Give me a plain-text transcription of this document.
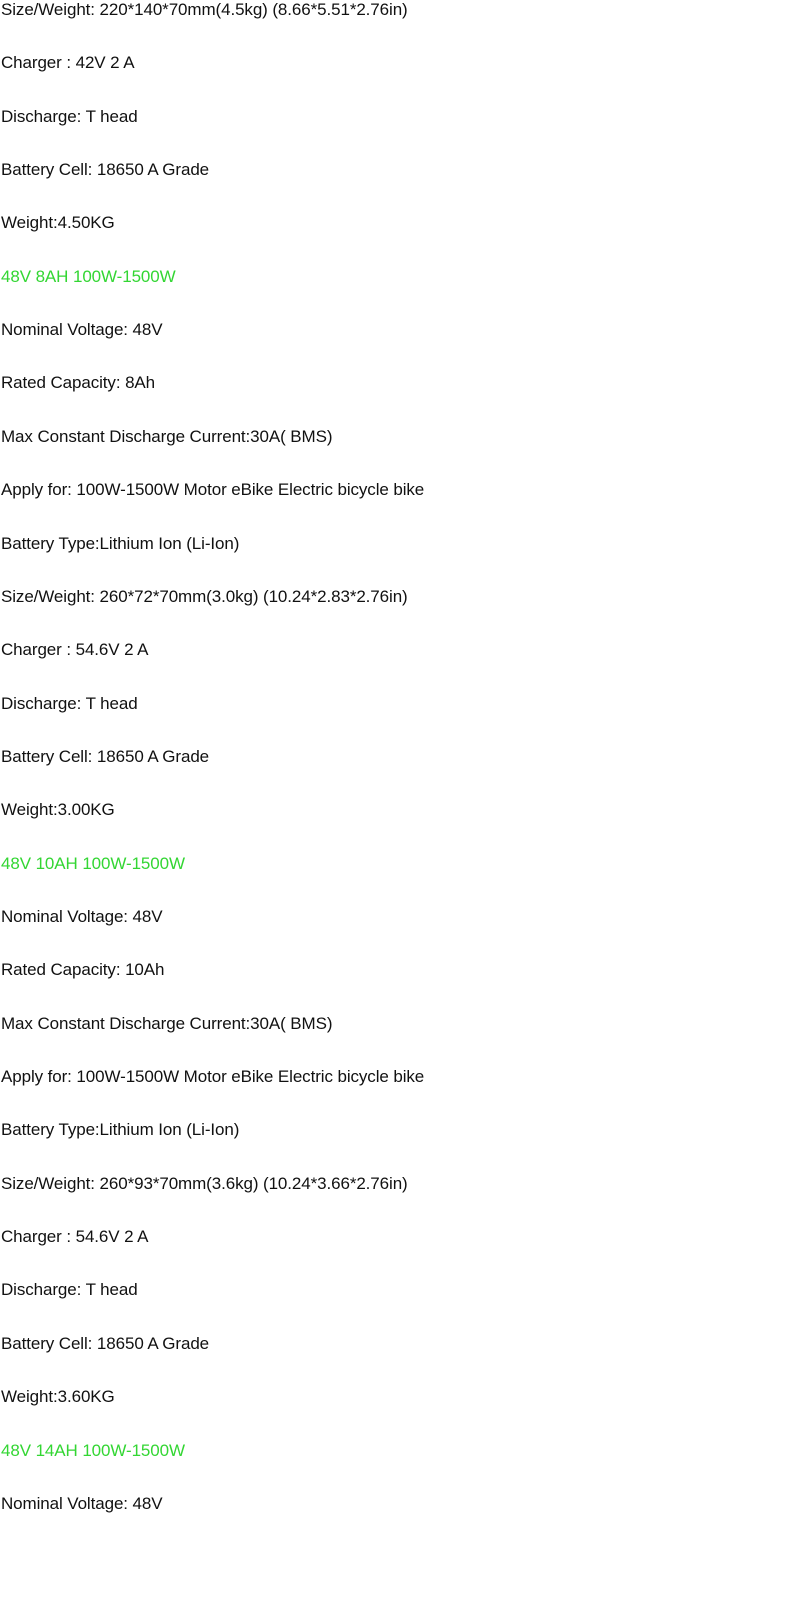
Size/Weight: 220*140*70mm(4.5kg) (8.66*5.51*2.76in)
Charger : 42V 2 A
Discharge: T head
Battery Cell: 18650 A Grade
Weight:4.50KG
48V 8AH 100W-1500W
Nominal Voltage: 48V
Rated Capacity: 8Ah
Max Constant Discharge Current:30A( BMS)
Apply for: 100W-1500W Motor eBike Electric bicycle bike
Battery Type:Lithium Ion (Li-Ion)
Size/Weight: 260*72*70mm(3.0kg) (10.24*2.83*2.76in)
Charger : 54.6V 2 A
Discharge: T head
Battery Cell: 18650 A Grade
Weight:3.00KG
48V 10AH 100W-1500W
Nominal Voltage: 48V
Rated Capacity: 10Ah
Max Constant Discharge Current:30A( BMS)
Apply for: 100W-1500W Motor eBike Electric bicycle bike
Battery Type:Lithium Ion (Li-Ion)
Size/Weight: 260*93*70mm(3.6kg) (10.24*3.66*2.76in)
Charger : 54.6V 2 A
Discharge: T head
Battery Cell: 18650 A Grade
Weight:3.60KG
48V 14AH 100W-1500W
Nominal Voltage: 48V
